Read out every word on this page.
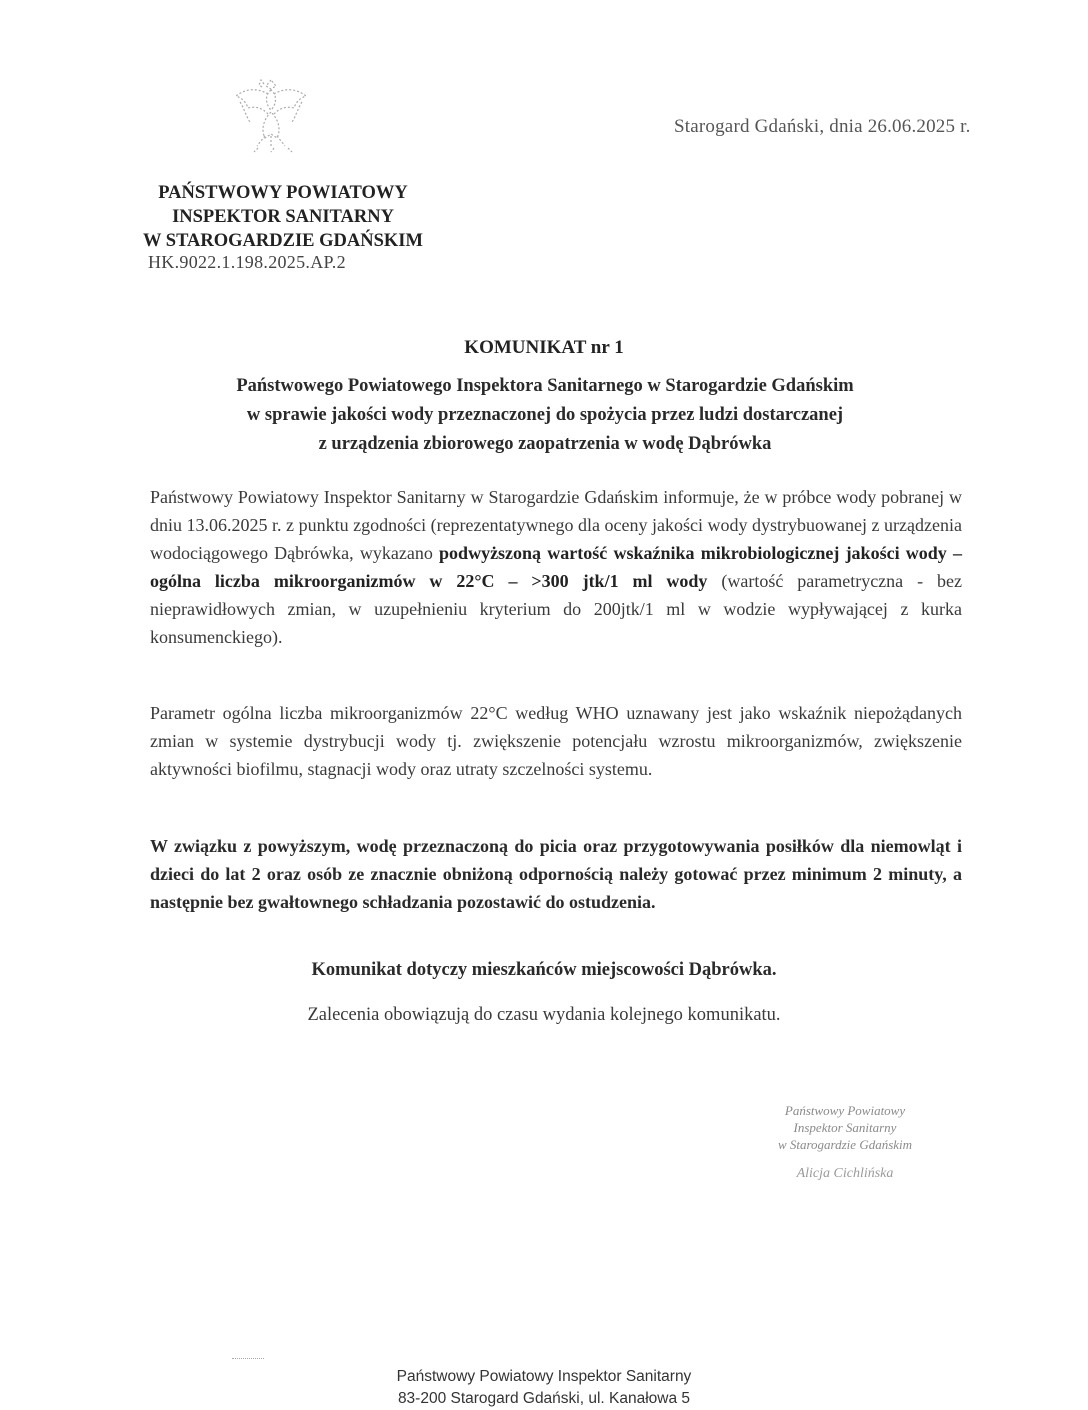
Starogard Gdański, dnia 26.06.2025 r.
PAŃSTWOWY POWIATOWY
INSPEKTOR SANITARNY
W STAROGARDZIE GDAŃSKIM
HK.9022.1.198.2025.AP.2
KOMUNIKAT nr 1
Państwowego Powiatowego Inspektora Sanitarnego w Starogardzie Gdańskim
w sprawie jakości wody przeznaczonej do spożycia przez ludzi dostarczanej
z urządzenia zbiorowego zaopatrzenia w wodę Dąbrówka
Państwowy Powiatowy Inspektor Sanitarny w Starogardzie Gdańskim informuje, że w próbce wody pobranej w dniu 13.06.2025 r. z punktu zgodności (reprezentatywnego dla oceny jakości wody dystrybuowanej z urządzenia wodociągowego Dąbrówka, wykazano podwyższoną wartość wskaźnika mikrobiologicznej jakości wody – ogólna liczba mikroorganizmów w 22°C – >300 jtk/1 ml wody (wartość parametryczna - bez nieprawidłowych zmian, w uzupełnieniu kryterium do 200jtk/1 ml w wodzie wypływającej z kurka konsumenckiego).
Parametr ogólna liczba mikroorganizmów 22°C według WHO uznawany jest jako wskaźnik niepożądanych zmian w systemie dystrybucji wody tj. zwiększenie potencjału wzrostu mikroorganizmów, zwiększenie aktywności biofilmu, stagnacji wody oraz utraty szczelności systemu.
W związku z powyższym, wodę przeznaczoną do picia oraz przygotowywania posiłków dla niemowląt i dzieci do lat 2 oraz osób ze znacznie obniżoną odpornością należy gotować przez minimum 2 minuty, a następnie bez gwałtownego schładzania pozostawić do ostudzenia.
Komunikat dotyczy mieszkańców miejscowości Dąbrówka.
Zalecenia obowiązują do czasu wydania kolejnego komunikatu.
Państwowy Powiatowy
Inspektor Sanitarny
w Starogardzie Gdańskim
Alicja Cichlińska
Państwowy Powiatowy Inspektor Sanitarny
83-200 Starogard Gdański, ul. Kanałowa 5
